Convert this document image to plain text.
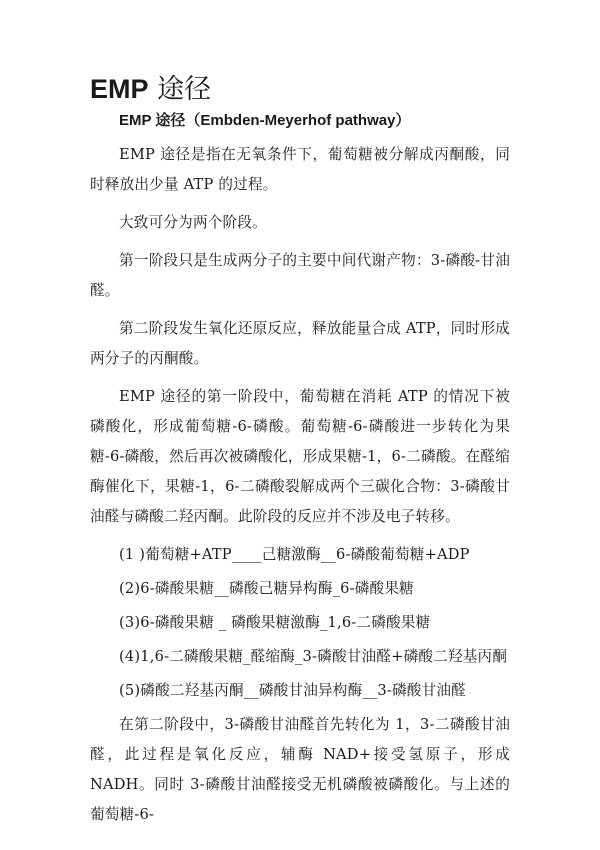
EMP 途径
EMP 途径（Embden-Meyerhof pathway）

EMP 途径是指在无氧条件下，葡萄糖被分解成丙酮酸，同时释放出少量 ATP 的过程。

大致可分为两个阶段。

第一阶段只是生成两分子的主要中间代谢产物：3-磷酸-甘油醛。

第二阶段发生氧化还原反应，释放能量合成 ATP，同时形成两分子的丙酮酸。

EMP 途径的第一阶段中，葡萄糖在消耗 ATP 的情况下被磷酸化，形成葡萄糖-6-磷酸。葡萄糖-6-磷酸进一步转化为果糖-6-磷酸，然后再次被磷酸化，形成果糖-1，6-二磷酸。在醛缩酶催化下，果糖-1，6-二磷酸裂解成两个三碳化合物：3-磷酸甘油醛与磷酸二羟丙酮。此阶段的反应并不涉及电子转移。

(1 )葡萄糖+ATP____己糖激酶__6-磷酸葡萄糖+ADP

(2)6-磷酸果糖__磷酸己糖异构酶_6-磷酸果糖

(3)6-磷酸果糖 _ 磷酸果糖激酶_1,6-二磷酸果糖

(4)1,6-二磷酸果糖_醛缩酶_3-磷酸甘油醛+磷酸二羟基丙酮

(5)磷酸二羟基丙酮__磷酸甘油异构酶__3-磷酸甘油醛

在第二阶段中，3-磷酸甘油醛首先转化为 1，3-二磷酸甘油醛，此过程是氧化反应，辅酶 NAD+接受氢原子，形成 NADH。同时 3-磷酸甘油醛接受无机磷酸被磷酸化。与上述的葡萄糖-6-
